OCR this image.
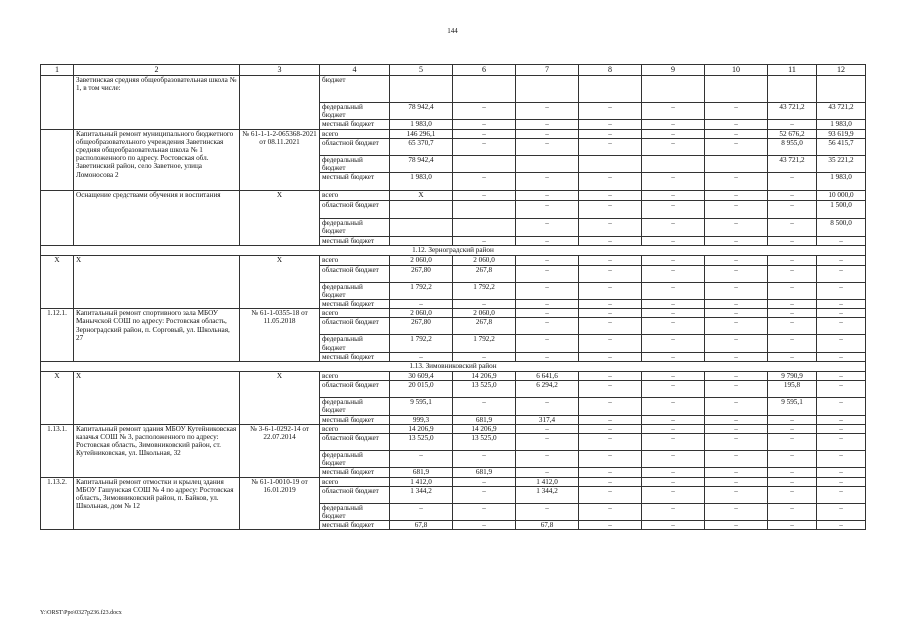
144
1	2	3	4	5	6	7	8	9	10	11	12
	Заветинская средняя общеобразовательная школа № 1, в том числе:		бюджет								
			федеральный бюджет	78 942,4	–	–	–	–	–	43 721,2	43 721,2
			местный бюджет	1 983,0	–	–	–	–	–	–	1 983,0
	Капитальный ремонт муниципального бюджетного общеобразовательного учреждения Заветинская средняя общеобразовательная школа № 1 расположенного по адресу. Ростовская обл. Заветинский район, село Заветное, улица Ломоносова 2	№ 61-1-1-2-065368-2021 от 08.11.2021	всего	146 296,1	–	–	–	–	–	52 676,2	93 619,9
			областной бюджет	65 370,7	–	–	–	–	–	8 955,0	56 415,7
			федеральный бюджет	78 942,4						43 721,2	35 221,2
			местный бюджет	1 983,0	–	–	–	–	–	–	1 983,0
	Оснащение средствами обучения и воспитания	X	всего	X	–	–	–	–	–	–	10 000,0
			областной бюджет			–	–	–	–	–	1 500,0
			федеральный бюджет			–	–	–	–	–	8 500,0
			местный бюджет		–	–	–	–	–	–	–
1.12. Зерноградский район											
X	X	X	всего	2 060,0	2 060,0	–	–	–	–	–	–
			областной бюджет	267,80	267,8	–	–	–	–	–	–
			федеральный бюджет	1 792,2	1 792,2	–	–	–	–	–	–
			местный бюджет	–	–	–	–	–	–	–	–
1.12.1.	Капитальный ремонт спортивного зала МБОУ Манычской СОШ по адресу: Ростовская область, Зерноградский район, п. Сорговый, ул. Школьная, 27	№ 61-1-0355-18 от 11.05.2018	всего	2 060,0	2 060,0	–	–	–	–	–	–
			областной бюджет	267,80	267,8	–	–	–	–	–	–
			федеральный бюджет	1 792,2	1 792,2	–	–	–	–	–	–
			местный бюджет	–	–	–	–	–	–	–	–
1.13. Зимовниковский район											
X	X	X	всего	30 609,4	14 206,9	6 641,6	–	–	–	9 790,9	–
			областной бюджет	20 015,0	13 525,0	6 294,2	–	–	–	195,8	–
			федеральный бюджет	9 595,1	–	–	–	–	–	9 595,1	–
			местный бюджет	999,3	681,9	317,4	–	–	–	–	–
1.13.1.	Капитальный ремонт здания МБОУ Кутейниковская казачья СОШ № 3, расположенного по адресу: Ростовская область, Зимовниковский район, ст. Кутейниковская, ул. Школьная, 32	№ 3-6-1-0292-14 от 22.07.2014	всего	14 206,9	14 206,9	–	–	–	–	–	–
			областной бюджет	13 525,0	13 525,0	–	–	–	–	–	–
			федеральный бюджет	–	–	–	–	–	–	–	–
			местный бюджет	681,9	681,9	–	–	–	–	–	–
1.13.2.	Капитальный ремонт отмостки и крылец здания МБОУ Гашунская СОШ № 4 по адресу: Ростовская область, Зимовниковский район, п. Байков, ул. Школьная, дом № 12	№ 61-1-0010-19 от 16.01.2019	всего	1 412,0	–	1 412,0	–	–	–	–	–
			областной бюджет	1 344,2	–	1 344,2	–	–	–	–	–
			федеральный бюджет	–	–	–	–	–	–	–	–
			местный бюджет	67,8	–	67,8	–	–	–	–	–
Y:\ORST\Ppo\0327p236.f23.docx
